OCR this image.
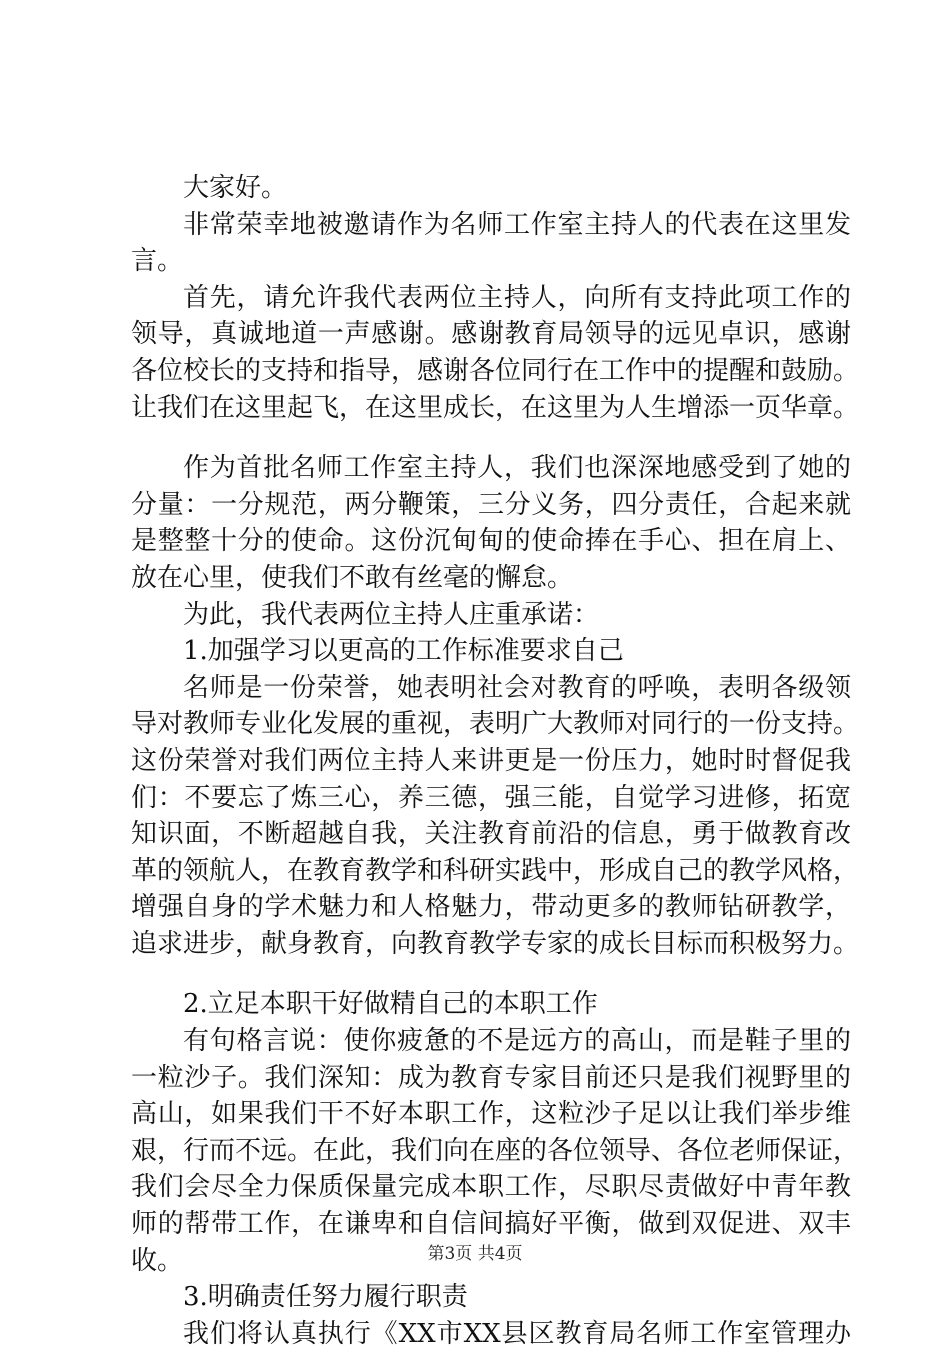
大家好。
非常荣幸地被邀请作为名师工作室主持人的代表在这里发
言。
首先，请允许我代表两位主持人，向所有支持此项工作的
领导，真诚地道一声感谢。感谢教育局领导的远见卓识，感谢
各位校长的支持和指导，感谢各位同行在工作中的提醒和鼓励。
让我们在这里起飞，在这里成长，在这里为人生增添一页华章。
作为首批名师工作室主持人，我们也深深地感受到了她的
分量：一分规范，两分鞭策，三分义务，四分责任，合起来就
是整整十分的使命。这份沉甸甸的使命捧在手心、担在肩上、
放在心里，使我们不敢有丝毫的懈怠。
为此，我代表两位主持人庄重承诺：
1.加强学习以更高的工作标准要求自己
名师是一份荣誉，她表明社会对教育的呼唤，表明各级领
导对教师专业化发展的重视，表明广大教师对同行的一份支持。
这份荣誉对我们两位主持人来讲更是一份压力，她时时督促我
们：不要忘了炼三心，养三德，强三能，自觉学习进修，拓宽
知识面，不断超越自我，关注教育前沿的信息，勇于做教育改
革的领航人，在教育教学和科研实践中，形成自己的教学风格，
增强自身的学术魅力和人格魅力，带动更多的教师钻研教学，
追求进步，献身教育，向教育教学专家的成长目标而积极努力。
2.立足本职干好做精自己的本职工作
有句格言说：使你疲惫的不是远方的高山，而是鞋子里的
一粒沙子。我们深知：成为教育专家目前还只是我们视野里的
高山，如果我们干不好本职工作，这粒沙子足以让我们举步维
艰，行而不远。在此，我们向在座的各位领导、各位老师保证，
我们会尽全力保质保量完成本职工作，尽职尽责做好中青年教
师的帮带工作，在谦卑和自信间搞好平衡，做到双促进、双丰
收。
3.明确责任努力履行职责
我们将认真执行《XX市XX县区教育局名师工作室管理办
第3页 共4页
